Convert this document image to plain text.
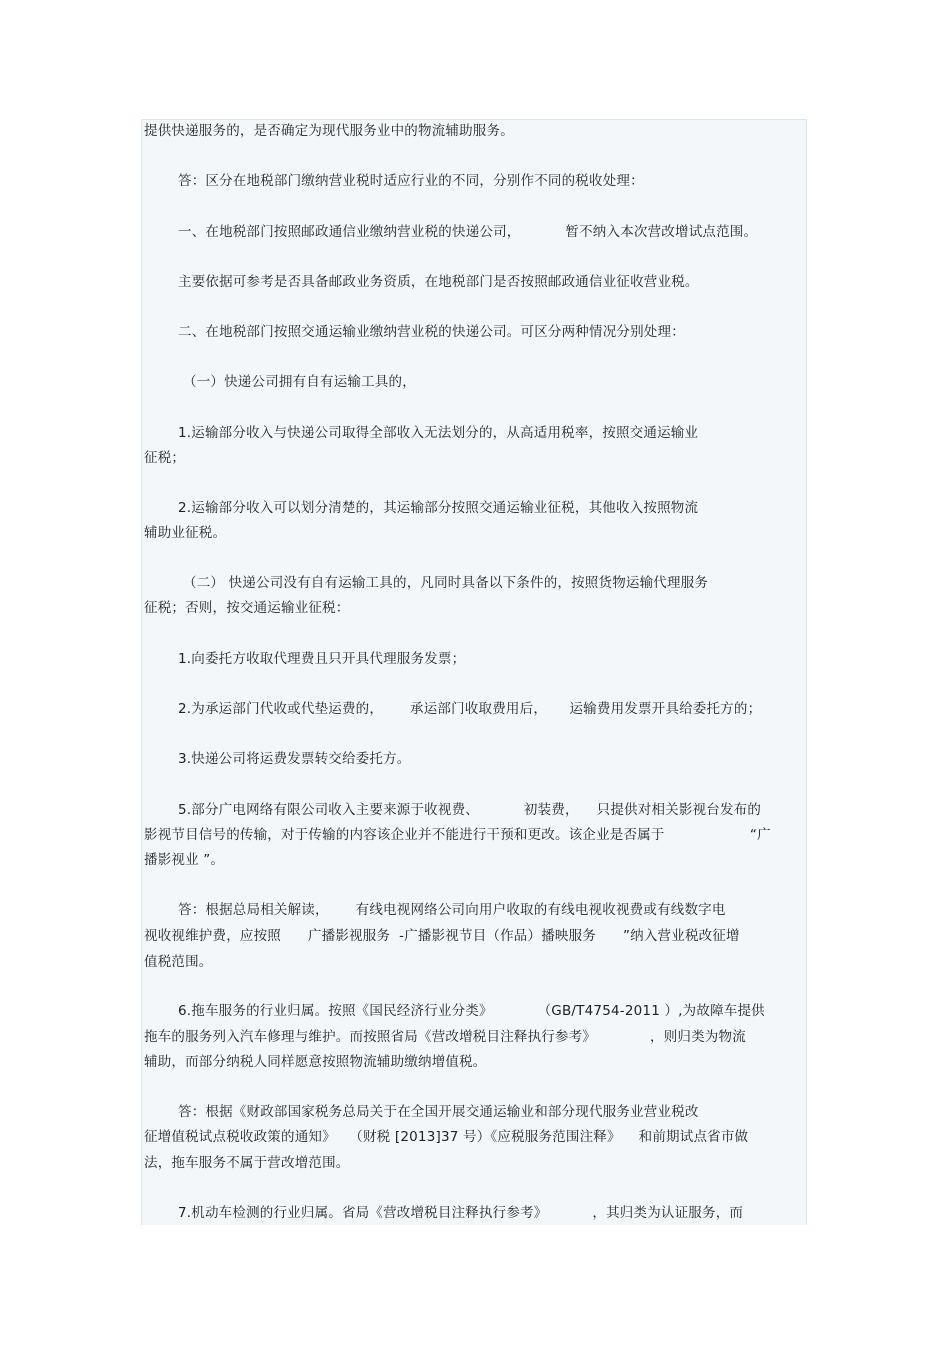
提供快递服务的，是否确定为现代服务业中的物流辅助服务。
答：区分在地税部门缴纳营业税时适应行业的不同，分别作不同的税收处理：
一、在地税部门按照邮政通信业缴纳营业税的快递公司，          暂不纳入本次营改增试点范围。
主要依据可参考是否具备邮政业务资质，在地税部门是否按照邮政通信业征收营业税。
二、在地税部门按照交通运输业缴纳营业税的快递公司。可区分两种情况分别处理：
（一）快递公司拥有自有运输工具的，
1.运输部分收入与快递公司取得全部收入无法划分的，从高适用税率，按照交通运输业
征税；
2.运输部分收入可以划分清楚的，其运输部分按照交通运输业征税，其他收入按照物流
辅助业征税。
（二） 快递公司没有自有运输工具的，凡同时具备以下条件的，按照货物运输代理服务
征税；否则，按交通运输业征税：
1.向委托方收取代理费且只开具代理服务发票；
2.为承运部门代收或代垫运费的，      承运部门收取费用后，     运输费用发票开具给委托方的；
3.快递公司将运费发票转交给委托方。
5.部分广电网络有限公司收入主要来源于收视费、          初装费，    只提供对相关影视台发布的
影视节目信号的传输，对于传输的内容该企业并不能进行干预和更改。该企业是否属于                   “广
播影视业 ”。
答：根据总局相关解读，      有线电视网络公司向用户收取的有线电视收视费或有线数字电
视收视维护费，应按照      广播影视服务  -广播影视节目（作品）播映服务      ”纳入营业税改征增
值税范围。
6.拖车服务的行业归属。按照《国民经济行业分类》          （GB/T4754-2011 ）,为故障车提供
拖车的服务列入汽车修理与维护。而按照省局《营改增税目注释执行参考》            ，则归类为物流
辅助，而部分纳税人同样愿意按照物流辅助缴纳增值税。
答：根据《财政部国家税务总局关于在全国开展交通运输业和部分现代服务业营业税改
征增值税试点税收政策的通知》   （财税 [2013]37 号）《应税服务范围注释》    和前期试点省市做
法，拖车服务不属于营改增范围。
7.机动车检测的行业归属。省局《营改增税目注释执行参考》          ，其归类为认证服务，而
